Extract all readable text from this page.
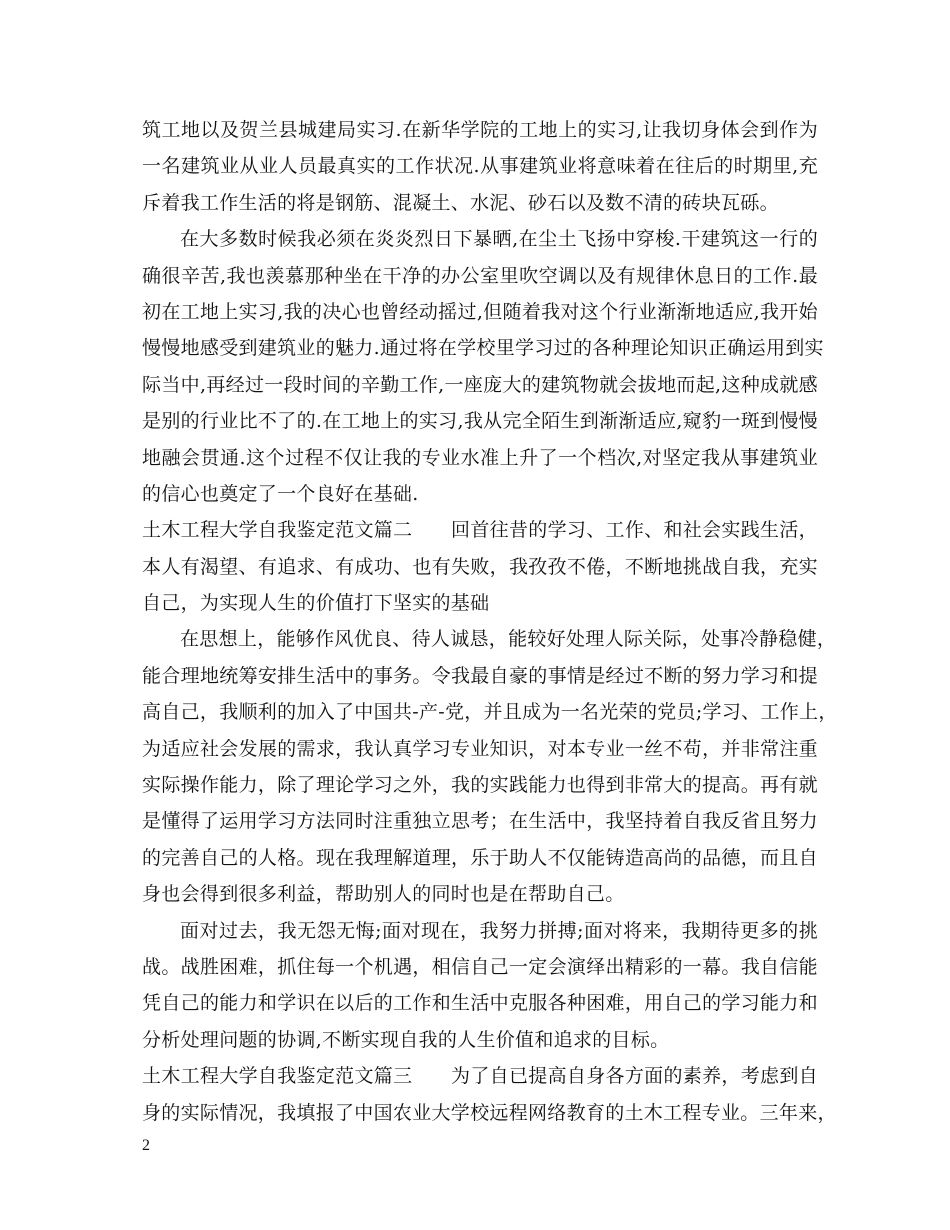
筑工地以及贺兰县城建局实习.在新华学院的工地上的实习,让我切身体会到作为
一名建筑业从业人员最真实的工作状况.从事建筑业将意味着在往后的时期里,充
斥着我工作生活的将是钢筋、混凝土、水泥、砂石以及数不清的砖块瓦砾。
在大多数时候我必须在炎炎烈日下暴晒,在尘土飞扬中穿梭.干建筑这一行的
确很辛苦,我也羡慕那种坐在干净的办公室里吹空调以及有规律休息日的工作.最
初在工地上实习,我的决心也曾经动摇过,但随着我对这个行业渐渐地适应,我开始
慢慢地感受到建筑业的魅力.通过将在学校里学习过的各种理论知识正确运用到实
际当中,再经过一段时间的辛勤工作,一座庞大的建筑物就会拔地而起,这种成就感
是别的行业比不了的.在工地上的实习,我从完全陌生到渐渐适应,窥豹一斑到慢慢
地融会贯通.这个过程不仅让我的专业水准上升了一个档次,对坚定我从事建筑业
的信心也奠定了一个良好在基础.
土木工程大学自我鉴定范文篇二　　回首往昔的学习、工作、和社会实践生活，
本人有渴望、有追求、有成功、也有失败，我孜孜不倦，不断地挑战自我，充实
自己，为实现人生的价值打下坚实的基础
在思想上，能够作风优良、待人诚恳，能较好处理人际关际，处事冷静稳健，
能合理地统筹安排生活中的事务。令我最自豪的事情是经过不断的努力学习和提
高自己，我顺利的加入了中国共-产-党，并且成为一名光荣的党员;学习、工作上，
为适应社会发展的需求，我认真学习专业知识，对本专业一丝不苟，并非常注重
实际操作能力，除了理论学习之外，我的实践能力也得到非常大的提高。再有就
是懂得了运用学习方法同时注重独立思考；在生活中，我坚持着自我反省且努力
的完善自己的人格。现在我理解道理，乐于助人不仅能铸造高尚的品德，而且自
身也会得到很多利益，帮助别人的同时也是在帮助自己。
面对过去，我无怨无悔;面对现在，我努力拼搏;面对将来，我期待更多的挑
战。战胜困难，抓住每一个机遇，相信自己一定会演绎出精彩的一幕。我自信能
凭自己的能力和学识在以后的工作和生活中克服各种困难，用自己的学习能力和
分析处理问题的协调,不断实现自我的人生价值和追求的目标。
土木工程大学自我鉴定范文篇三　　为了自已提高自身各方面的素养，考虑到自
身的实际情况，我填报了中国农业大学校远程网络教育的土木工程专业。三年来，
2
